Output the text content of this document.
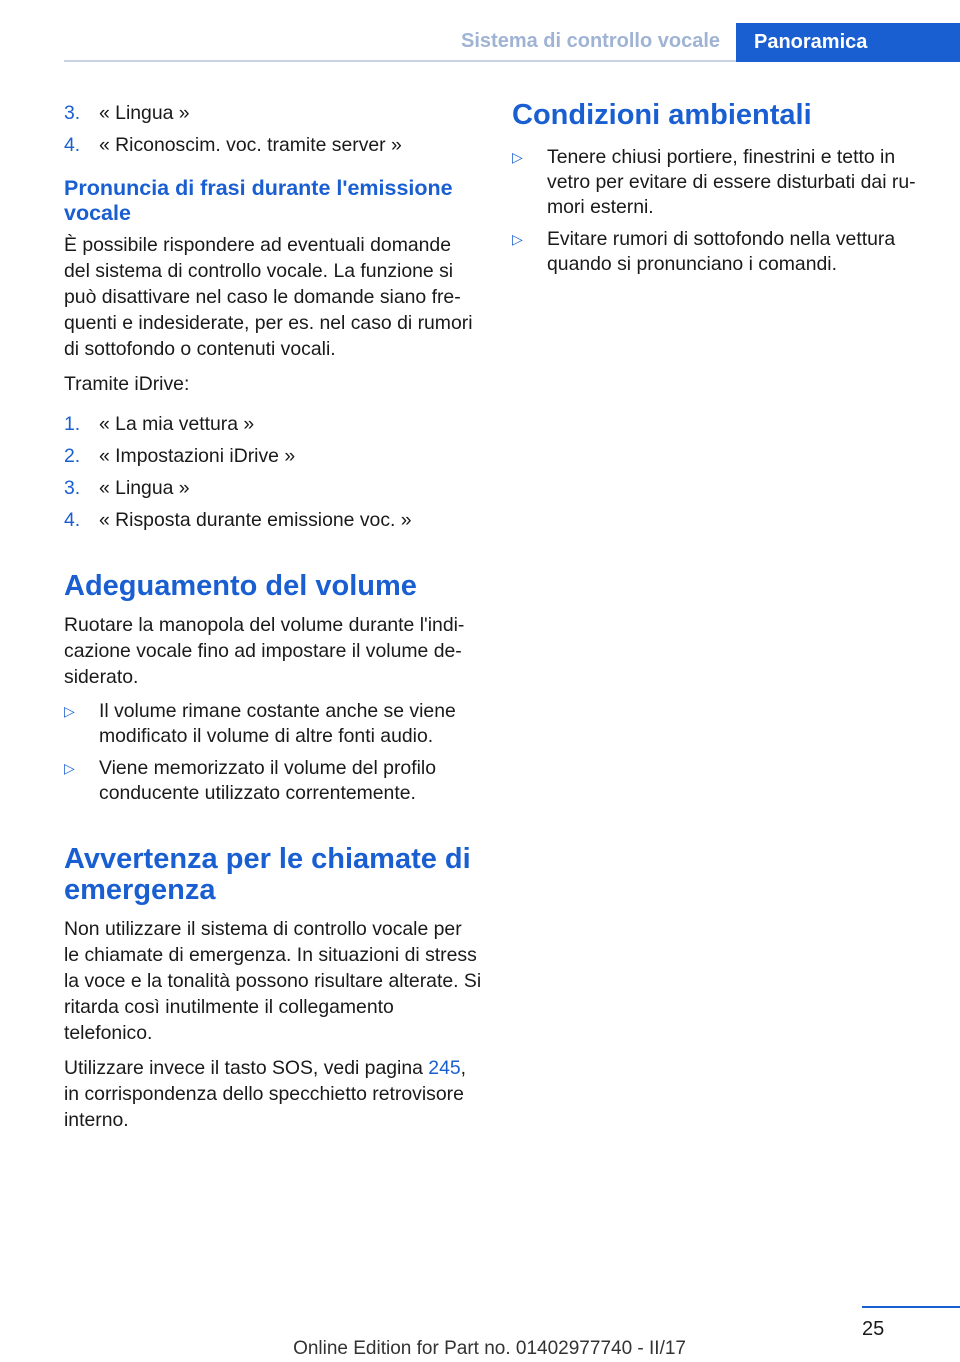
Sistema di controllo vocale	Panoramica
3. « Lingua »
4. « Riconoscim. voc. tramite server »
Pronuncia di frasi durante l'emissione vocale

È possibile rispondere ad eventuali domande del sistema di controllo vocale. La funzione si può disattivare nel caso le domande siano frequenti e indesiderate, per es. nel caso di rumori di sottofondo o contenuti vocali.

Tramite iDrive:

1. « La mia vettura »
2. « Impostazioni iDrive »
3. « Lingua »
4. « Risposta durante emissione voc. »
Adeguamento del volume

Ruotare la manopola del volume durante l'indicazione vocale fino ad impostare il volume desiderato.

▷ Il volume rimane costante anche se viene modificato il volume di altre fonti audio.
▷ Viene memorizzato il volume del profilo conducente utilizzato correntemente.
Avvertenza per le chiamate di emergenza

Non utilizzare il sistema di controllo vocale per le chiamate di emergenza. In situazioni di stress la voce e la tonalità possono risultare alterate. Si ritarda così inutilmente il collegamento telefonico.

Utilizzare invece il tasto SOS, vedi pagina 245, in corrispondenza dello specchietto retrovisore interno.

Condizioni ambientali
▷ Tenere chiusi portiere, finestrini e tetto in vetro per evitare di essere disturbati dai rumori esterni.
▷ Evitare rumori di sottofondo nella vettura quando si pronunciano i comandi.
25
Online Edition for Part no. 01402977740 - II/17
